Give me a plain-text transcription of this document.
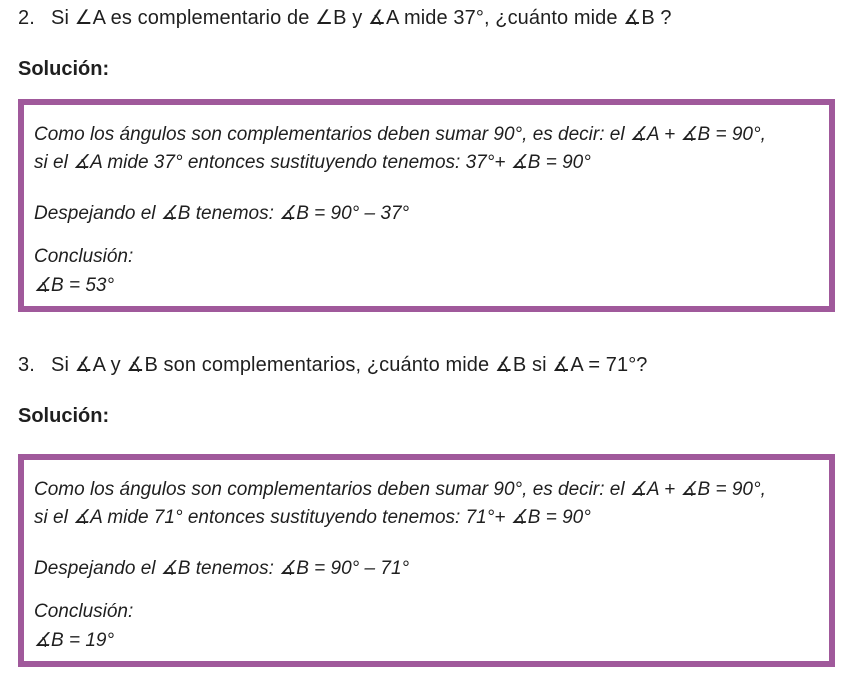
2. Si ∠A es complementario de ∠B y ∡A mide 37°, ¿cuánto mide ∡B ?
Solución:
Como los ángulos son complementarios deben sumar 90°, es decir: el ∡A + ∡B = 90°,
si el ∡A mide 37° entonces sustituyendo tenemos: 37°+ ∡B = 90°
Despejando el ∡B tenemos: ∡B = 90° – 37°
Conclusión:
∡B = 53°
3. Si ∡A y ∡B son complementarios, ¿cuánto mide ∡B si ∡A = 71°?
Solución:
Como los ángulos son complementarios deben sumar 90°, es decir: el ∡A + ∡B = 90°,
si el ∡A mide 71° entonces sustituyendo tenemos: 71°+ ∡B = 90°
Despejando el ∡B tenemos: ∡B = 90° – 71°
Conclusión:
∡B = 19°
